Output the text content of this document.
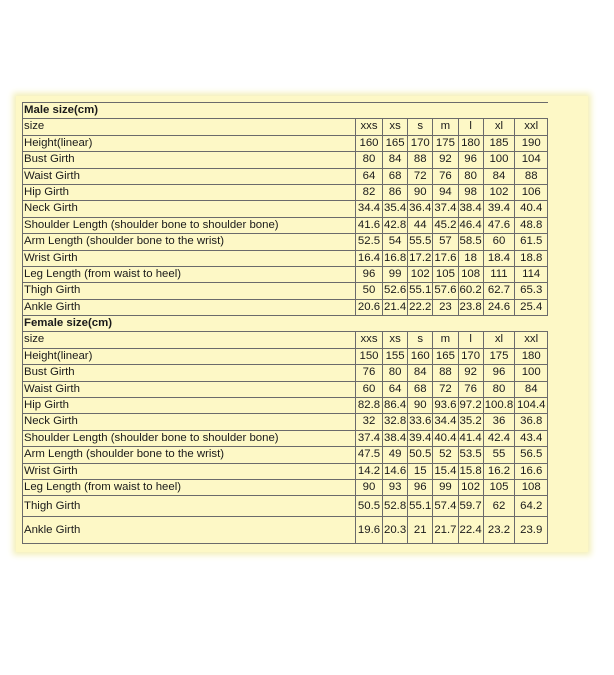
Male size(cm)							
size	xxs	xs	s	m	l	xl	xxl
Height(linear)	160	165	170	175	180	185	190
Bust Girth	80	84	88	92	96	100	104
Waist Girth	64	68	72	76	80	84	88
Hip Girth	82	86	90	94	98	102	106
Neck Girth	34.4	35.4	36.4	37.4	38.4	39.4	40.4
Shoulder Length (shoulder bone to shoulder bone)	41.6	42.8	44	45.2	46.4	47.6	48.8
Arm Length (shoulder bone to the wrist)	52.5	54	55.5	57	58.5	60	61.5
Wrist Girth	16.4	16.8	17.2	17.6	18	18.4	18.8
Leg Length (from waist to heel)	96	99	102	105	108	111	114
Thigh Girth	50	52.6	55.1	57.6	60.2	62.7	65.3
Ankle Girth	20.6	21.4	22.2	23	23.8	24.6	25.4
Female size(cm)							
size	xxs	xs	s	m	l	xl	xxl
Height(linear)	150	155	160	165	170	175	180
Bust Girth	76	80	84	88	92	96	100
Waist Girth	60	64	68	72	76	80	84
Hip Girth	82.8	86.4	90	93.6	97.2	100.8	104.4
Neck Girth	32	32.8	33.6	34.4	35.2	36	36.8
Shoulder Length (shoulder bone to shoulder bone)	37.4	38.4	39.4	40.4	41.4	42.4	43.4
Arm Length (shoulder bone to the wrist)	47.5	49	50.5	52	53.5	55	56.5
Wrist Girth	14.2	14.6	15	15.4	15.8	16.2	16.6
Leg Length (from waist to heel)	90	93	96	99	102	105	108
Thigh Girth	50.5	52.8	55.1	57.4	59.7	62	64.2
Ankle Girth	19.6	20.3	21	21.7	22.4	23.2	23.9
